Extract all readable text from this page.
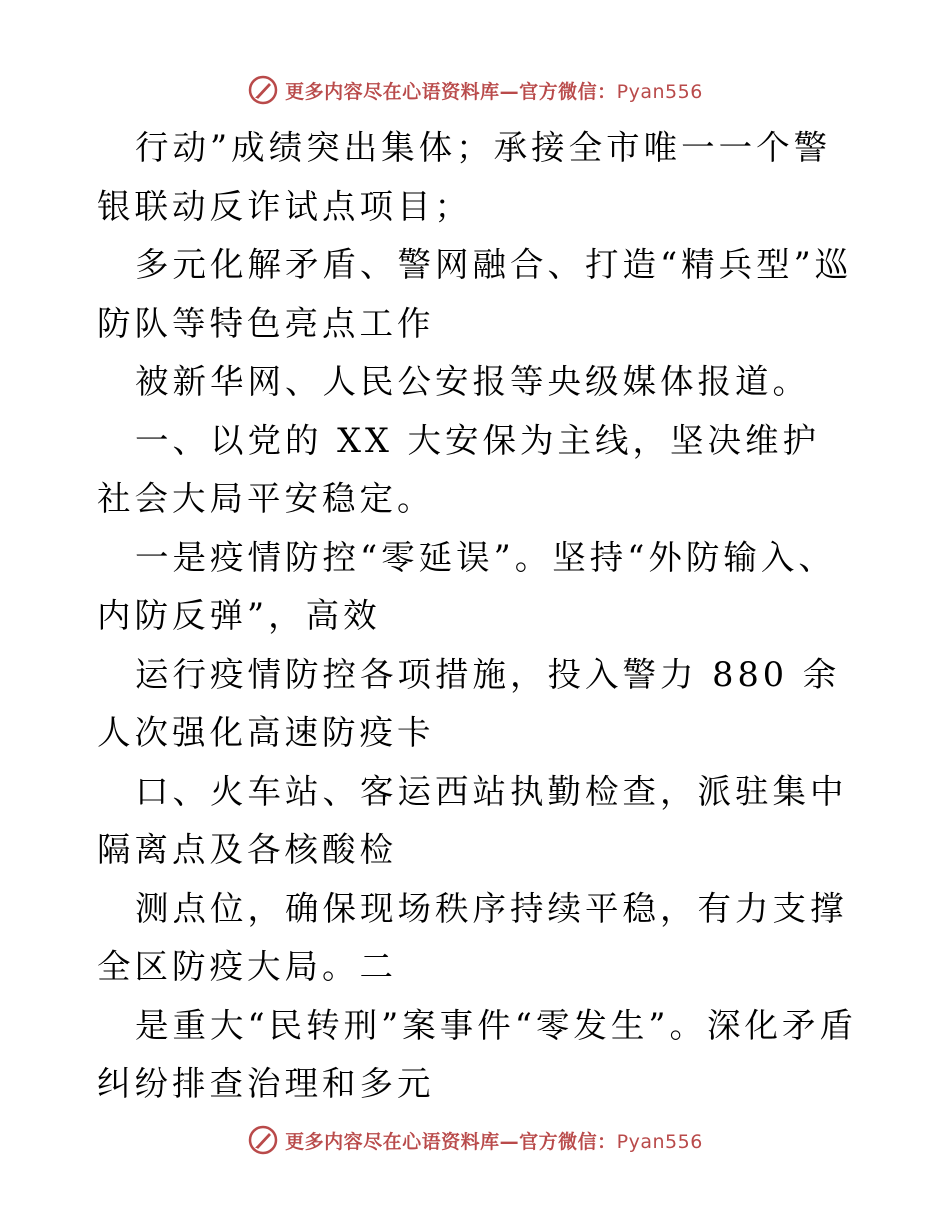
更多内容尽在心语资料库—官方微信：Pyan556

行动”成绩突出集体；承接全市唯一一个警银联动反诈试点项目；

多元化解矛盾、警网融合、打造“精兵型”巡防队等特色亮点工作

被新华网、人民公安报等央级媒体报道。

一、以党的 XX 大安保为主线，坚决维护社会大局平安稳定。

一是疫情防控“零延误”。坚持“外防输入、内防反弹”，高效

运行疫情防控各项措施，投入警力 880 余人次强化高速防疫卡

口、火车站、客运西站执勤检查，派驻集中隔离点及各核酸检

测点位，确保现场秩序持续平稳，有力支撑全区防疫大局。二

是重大“民转刑”案事件“零发生”。深化矛盾纠纷排查治理和多元

更多内容尽在心语资料库—官方微信：Pyan556
